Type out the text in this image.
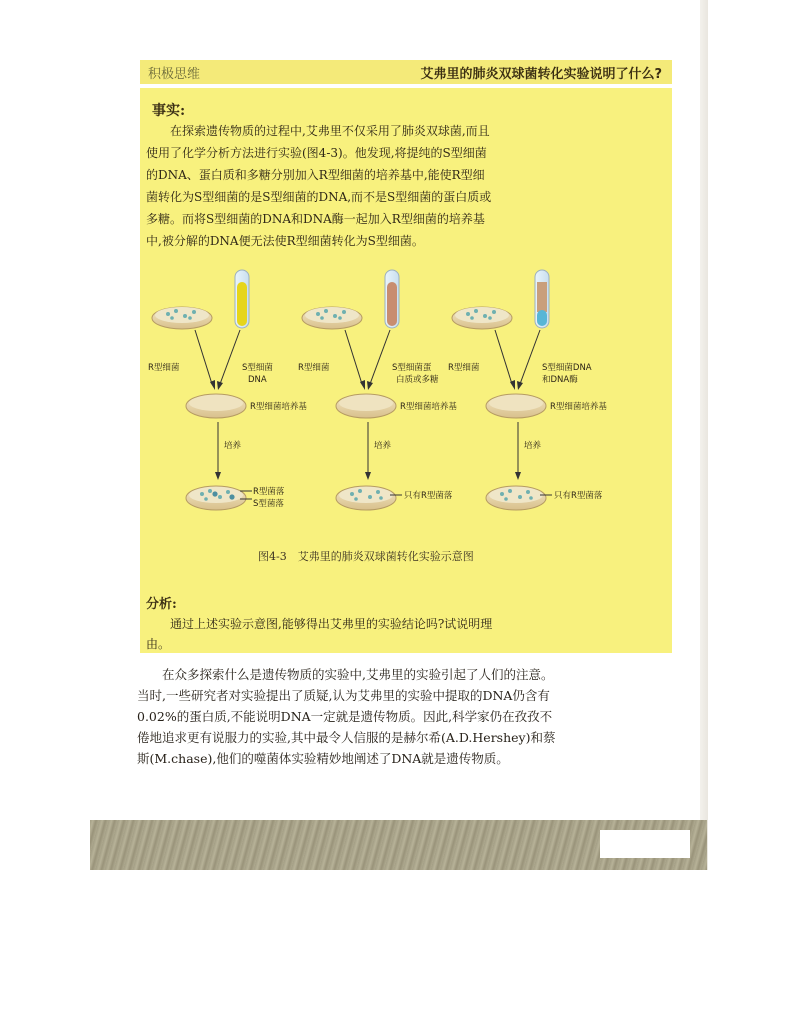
积极思维	艾弗里的肺炎双球菌转化实验说明了什么?
事实:
在探索遗传物质的过程中,艾弗里不仅采用了肺炎双球菌,而且使用了化学分析方法进行实验(图4-3)。他发现,将提纯的S型细菌的DNA、蛋白质和多糖分别加入R型细菌的培养基中,能使R型细菌转化为S型细菌的是S型细菌的DNA,而不是S型细菌的蛋白质或多糖。而将S型细菌的DNA和DNA酶一起加入R型细菌的培养基中,被分解的DNA便无法使R型细菌转化为S型细菌。
R型细菌	S型细菌
DNA
R型细菌培养基
培养
R型菌落
S型菌落
R型细菌	S型细菌蛋
白质或多糖
R型细菌培养基
培养
只有R型菌落
R型细菌	S型细菌DNA
和DNA酶
R型细菌培养基
培养
只有R型菌落
图4-3　艾弗里的肺炎双球菌转化实验示意图
分析:
通过上述实验示意图,能够得出艾弗里的实验结论吗?试说明理由。
在众多探索什么是遗传物质的实验中,艾弗里的实验引起了人们的注意。当时,一些研究者对实验提出了质疑,认为艾弗里的实验中提取的DNA仍含有0.02%的蛋白质,不能说明DNA一定就是遗传物质。因此,科学家仍在孜孜不倦地追求更有说服力的实验,其中最令人信服的是赫尔希(A.D.Hershey)和蔡斯(M.chase),他们的噬菌体实验精妙地阐述了DNA就是遗传物质。
